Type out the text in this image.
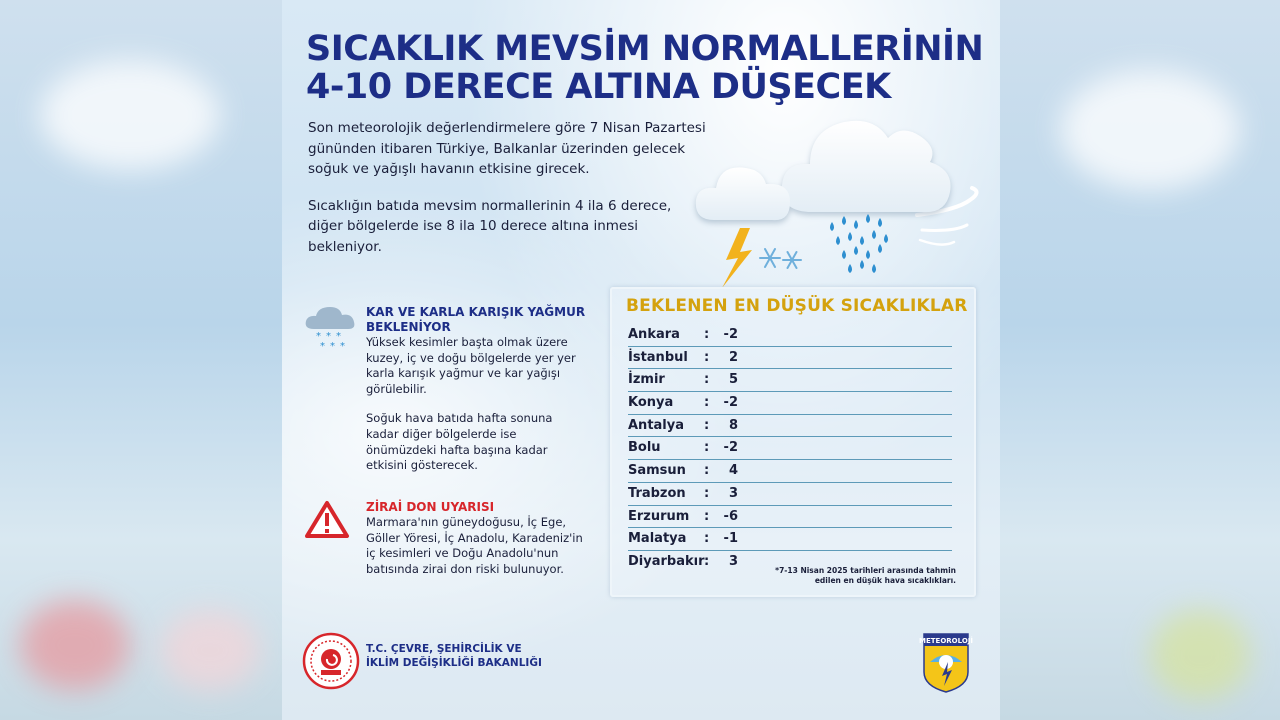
SICAKLIK MEVSİM NORMALLERİNİN
4-10 DERECE ALTINA DÜŞECEK

Son meteorolojik değerlendirmelere göre 7 Nisan Pazartesi gününden itibaren Türkiye, Balkanlar üzerinden gelecek soğuk ve yağışlı havanın etkisine girecek.

Sıcaklığın batıda mevsim normallerinin 4 ila 6 derece, diğer bölgelerde ise 8 ila 10 derece altına inmesi bekleniyor.

* * *
* * *
KAR VE KARLA KARIŞIK YAĞMUR BEKLENİYOR

Yüksek kesimler başta olmak üzere kuzey, iç ve doğu bölgelerde yer yer karla karışık yağmur ve kar yağışı görülebilir.

Soğuk hava batıda hafta sonuna kadar diğer bölgelerde ise önümüzdeki hafta başına kadar etkisini gösterecek.

ZİRAİ DON UYARISI
Marmara'nın güneydoğusu, İç Ege, Göller Yöresi, İç Anadolu, Karadeniz'in iç kesimleri ve Doğu Anadolu'nun batısında zirai don riski bulunuyor.
BEKLENEN EN DÜŞÜK SICAKLIKLAR
Ankara :	-2
İstanbul :	2
İzmir	:	5
Konya :	-2
Antalya :	8
Bolu	:	-2
Samsun :	4
Trabzon :	3
Erzurum :	-6
Malatya :	-1
Diyarbakır :	3
*7-13 Nisan 2025 tarihleri arasında tahmin edilen en düşük hava sıcaklıkları.
T.C. ÇEVRE, ŞEHİRCİLİK VE
İKLİM DEĞİŞİKLİĞİ BAKANLIĞI
METEOROLOJİ
